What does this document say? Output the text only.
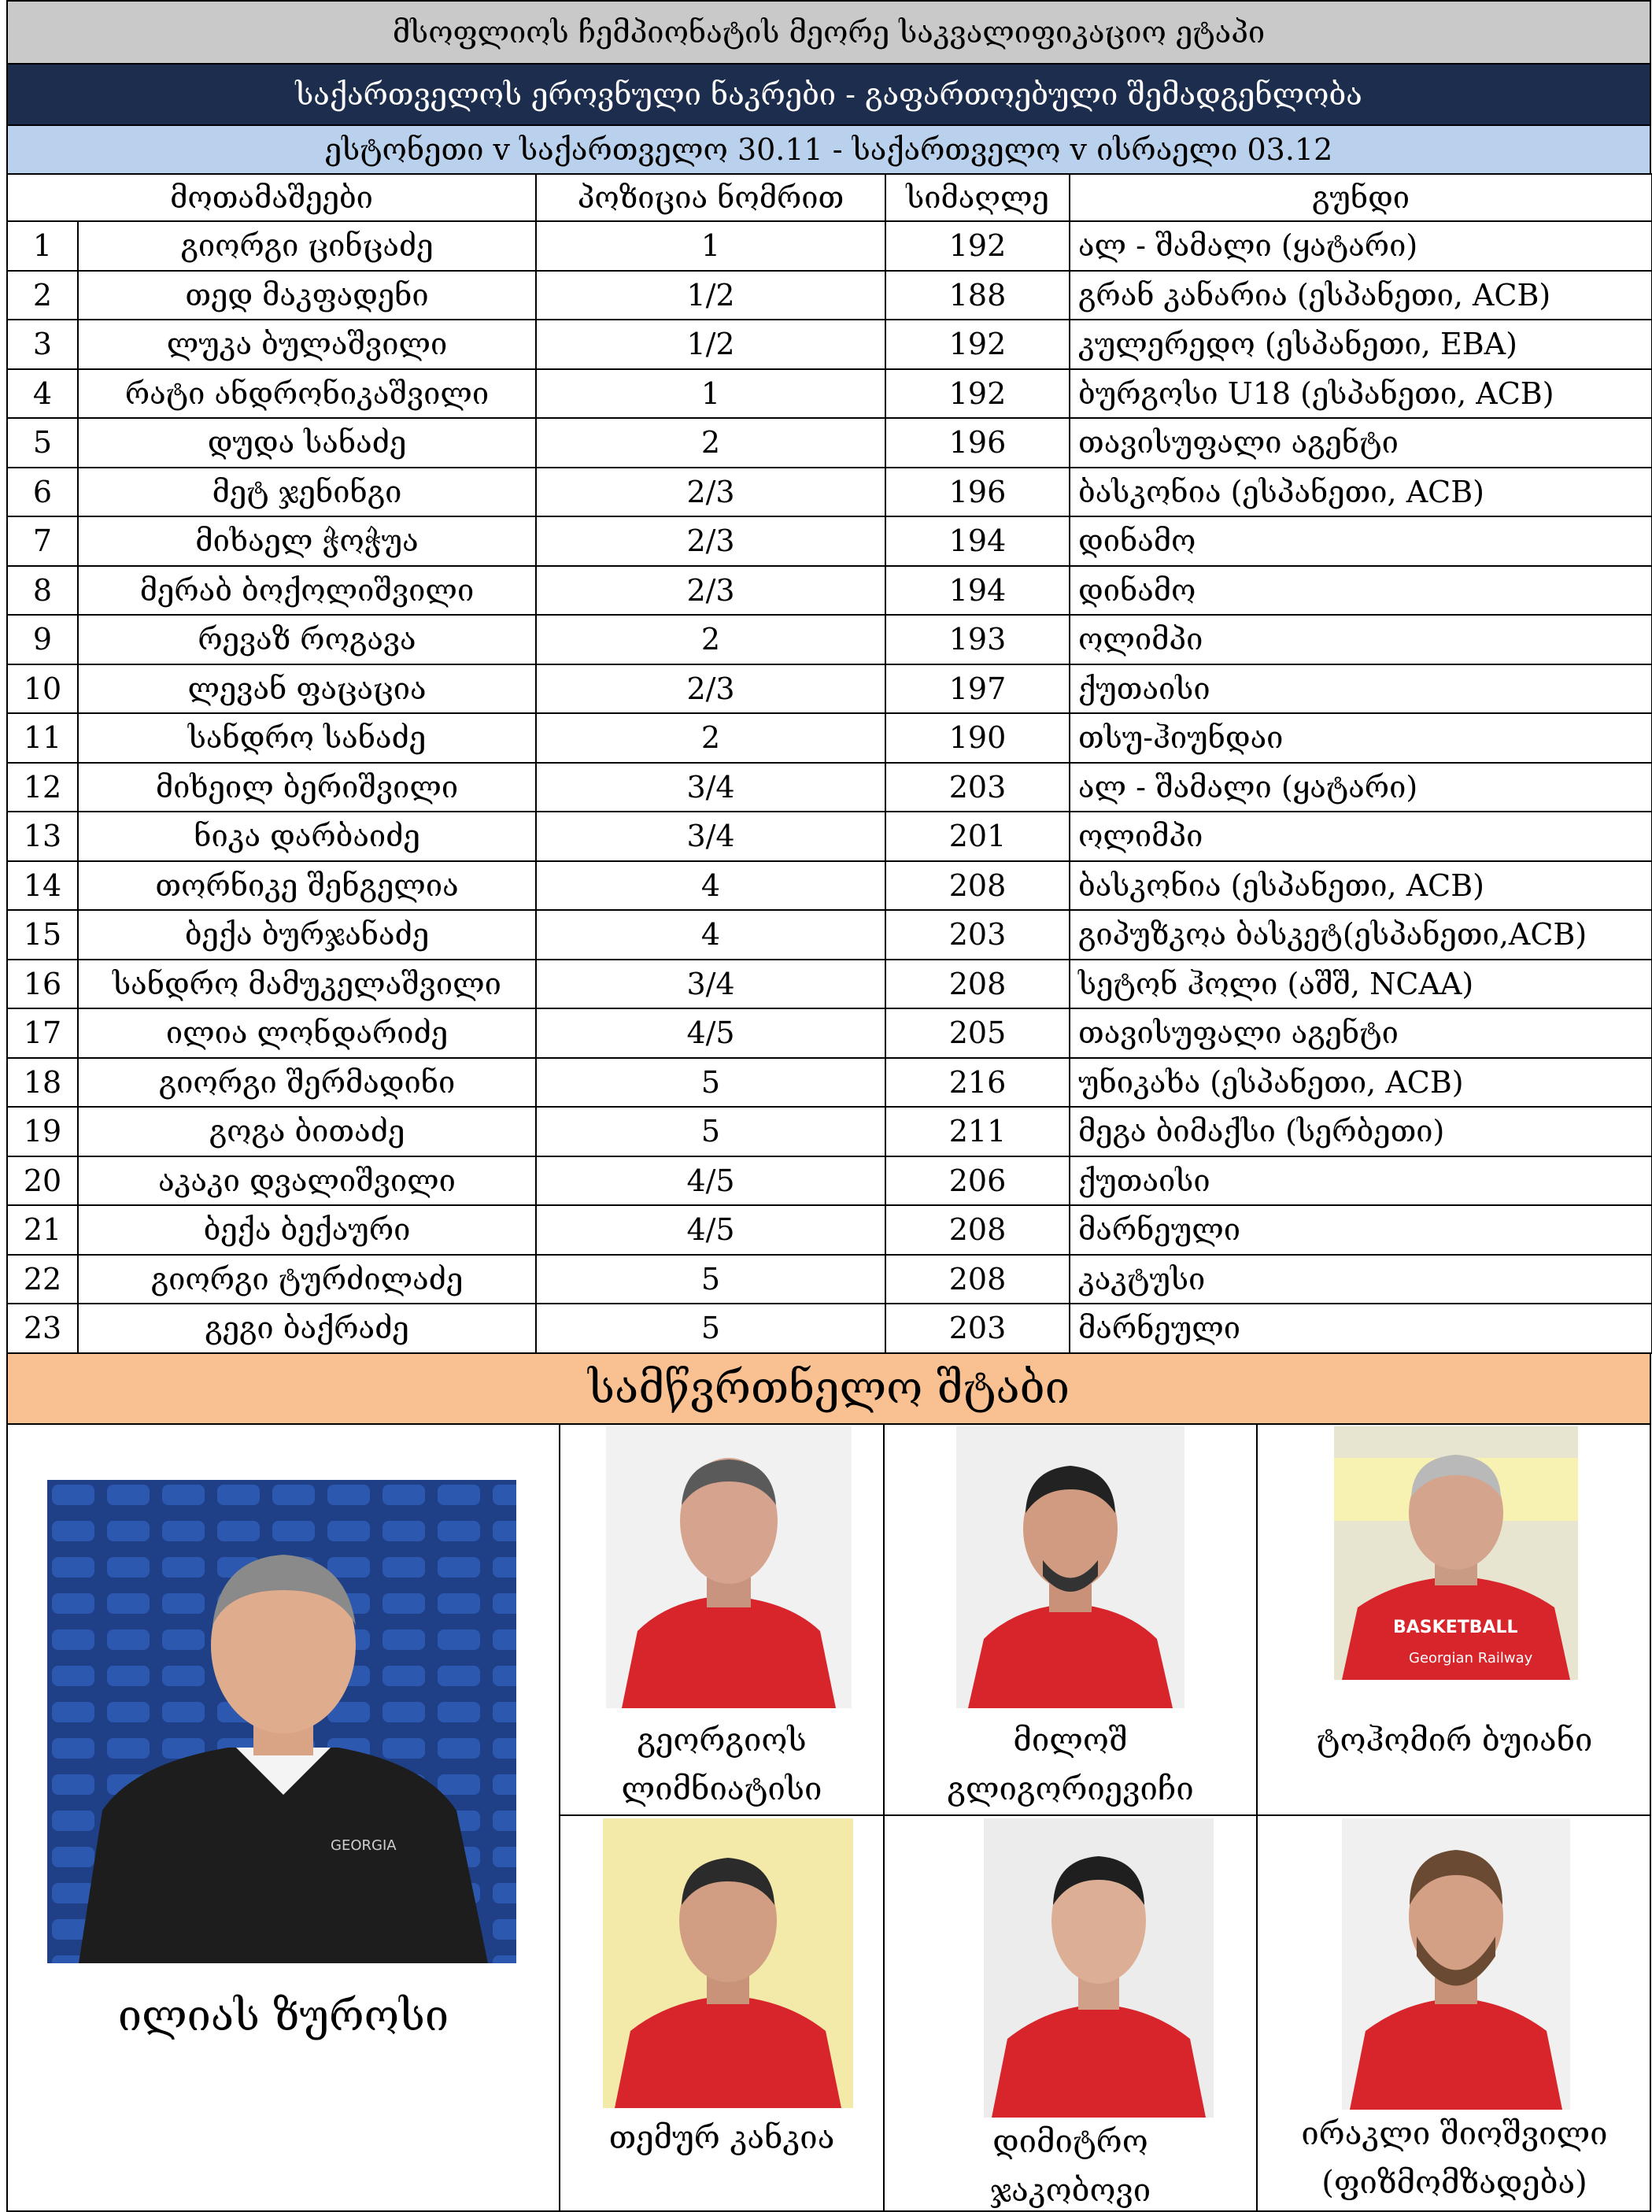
მსოფლიოს ჩემპიონატის მეორე საკვალიფიკაციო ეტაპი
საქართველოს ეროვნული ნაკრები - გაფართოებული შემადგენლობა
ესტონეთი v საქართველო 30.11 - საქართველო v ისრაელი 03.12
მოთამაშეები		პოზიცია ნომრით	სიმაღლე	გუნდი
1	გიორგი ცინცაძე	1	192	ალ - შამალი (ყატარი)
2	თედ მაკფადენი	1/2	188	გრან კანარია (ესპანეთი, ACB)
3	ლუკა ბულაშვილი	1/2	192	კულერედო (ესპანეთი, EBA)
4	რატი ანდრონიკაშვილი	1	192	ბურგოსი U18 (ესპანეთი, ACB)
5	დუდა სანაძე	2	196	თავისუფალი აგენტი
6	მეტ ჯენინგი	2/3	196	ბასკონია (ესპანეთი, ACB)
7	მიხაელ ჭოჭუა	2/3	194	დინამო
8	მერაბ ბოქოლიშვილი	2/3	194	დინამო
9	რევაზ როგავა	2	193	ოლიმპი
10	ლევან ფაცაცია	2/3	197	ქუთაისი
11	სანდრო სანაძე	2	190	თსუ-ჰიუნდაი
12	მიხეილ ბერიშვილი	3/4	203	ალ - შამალი (ყატარი)
13	ნიკა დარბაიძე	3/4	201	ოლიმპი
14	თორნიკე შენგელია	4	208	ბასკონია (ესპანეთი, ACB)
15	ბექა ბურჯანაძე	4	203	გიპუზკოა ბასკეტ(ესპანეთი,ACB)
16	სანდრო მამუკელაშვილი	3/4	208	სეტონ ჰოლი (აშშ, NCAA)
17	ილია ლონდარიძე	4/5	205	თავისუფალი აგენტი
18	გიორგი შერმადინი	5	216	უნიკახა (ესპანეთი, ACB)
19	გოგა ბითაძე	5	211	მეგა ბიმაქსი (სერბეთი)
20	აკაკი დვალიშვილი	4/5	206	ქუთაისი
21	ბექა ბექაური	4/5	208	მარნეული
22	გიორგი ტურძილაძე	5	208	კაკტუსი
23	გეგი ბაქრაძე	5	203	მარნეული
სამწვრთნელო შტაბი
GEORGIA
ილიას ზუროსი
გეორგიოს
ლიმნიატისი
მილოშ
გლიგორიევიჩი
BASKETBALL
Georgian Railway
ტოჰომირ ბუიანი
თემურ კანკია	დიმიტრო
ჯაკობოვი
ირაკლი შიოშვილი
(ფიზმომზადება)
